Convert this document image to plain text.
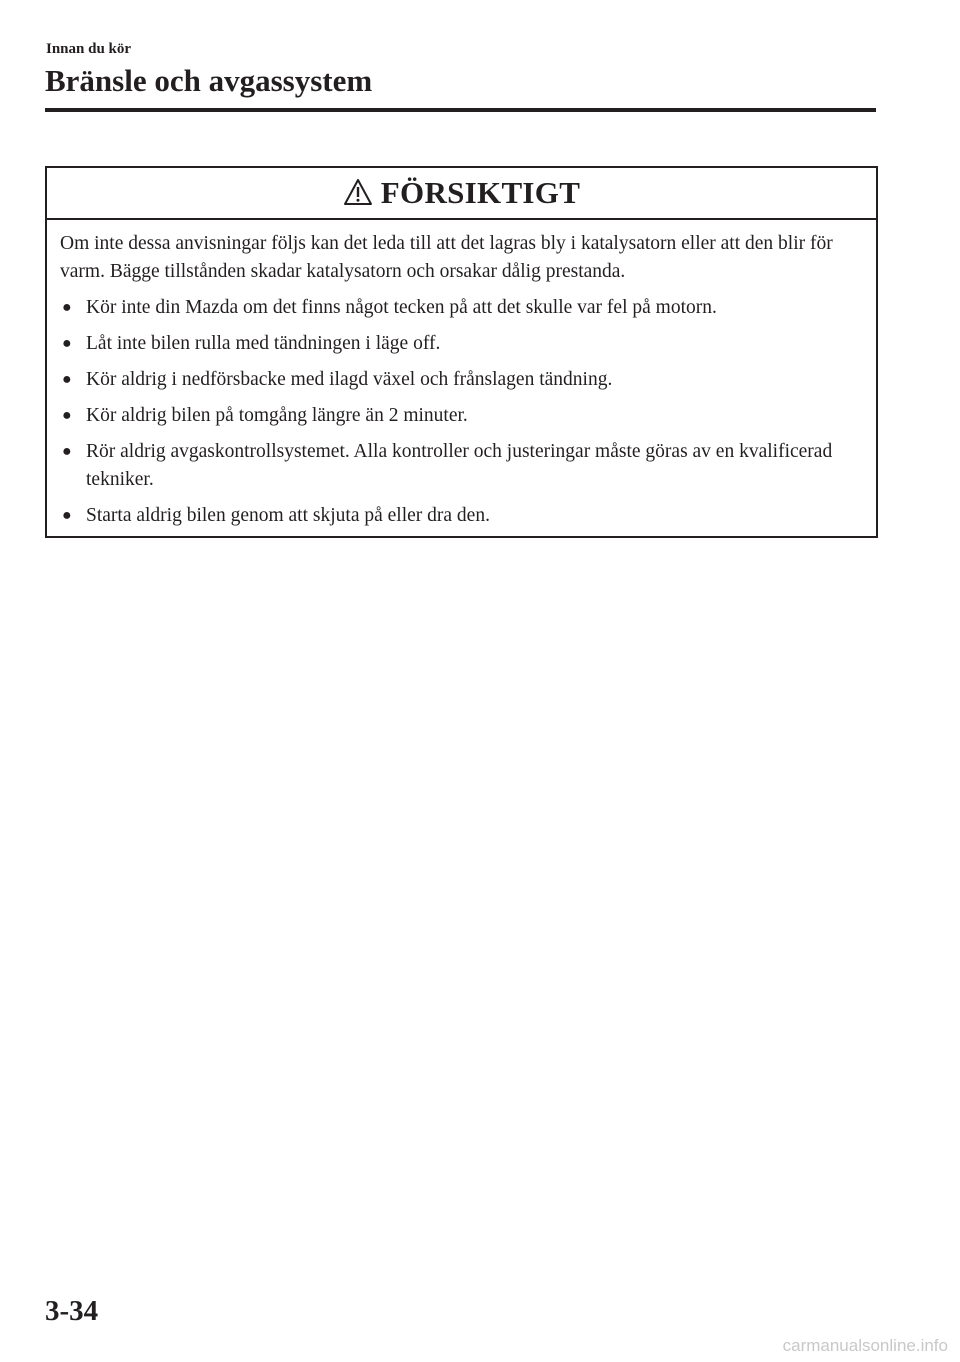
Innan du kör
Bränsle och avgassystem
FÖRSIKTIGT

Om inte dessa anvisningar följs kan det leda till att det lagras bly i katalysatorn eller att den blir för varm. Bägge tillstånden skadar katalysatorn och orsakar dålig prestanda.

● Kör inte din Mazda om det finns något tecken på att det skulle var fel på motorn.
● Låt inte bilen rulla med tändningen i läge off.
● Kör aldrig i nedförsbacke med ilagd växel och frånslagen tändning.
● Kör aldrig bilen på tomgång längre än 2 minuter.
● Rör aldrig avgaskontrollsystemet. Alla kontroller och justeringar måste göras av en kvalificerad tekniker.
● Starta aldrig bilen genom att skjuta på eller dra den.
3-34
carmanualsonline.info
